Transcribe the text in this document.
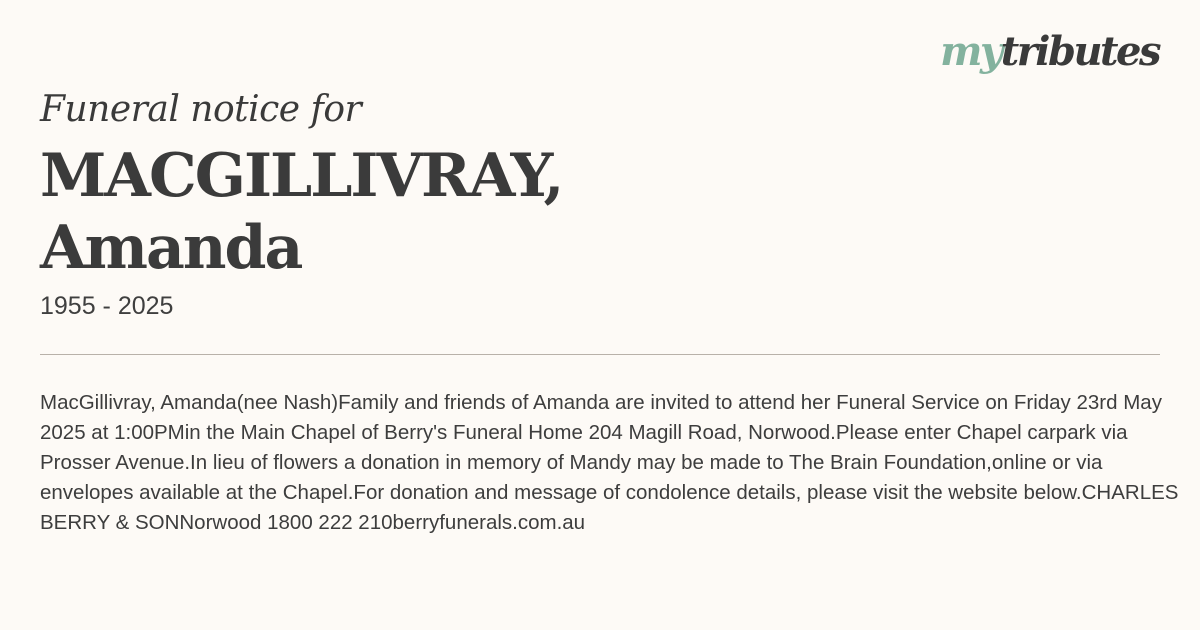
mytributes
Funeral notice for
MACGILLIVRAY,
Amanda
1955 - 2025

MacGillivray, Amanda(nee Nash)Family and friends of Amanda are invited to attend her Funeral Service on Friday 23rd May 2025 at 1:00PMin the Main Chapel of Berry's Funeral Home 204 Magill Road, Norwood.Please enter Chapel carpark via Prosser Avenue.In lieu of flowers a donation in memory of Mandy may be made to The Brain Foundation,online or via envelopes available at the Chapel.For donation and message of condolence details, please visit the website below.CHARLES BERRY & SONNorwood 1800 222 210berryfunerals.com.au
